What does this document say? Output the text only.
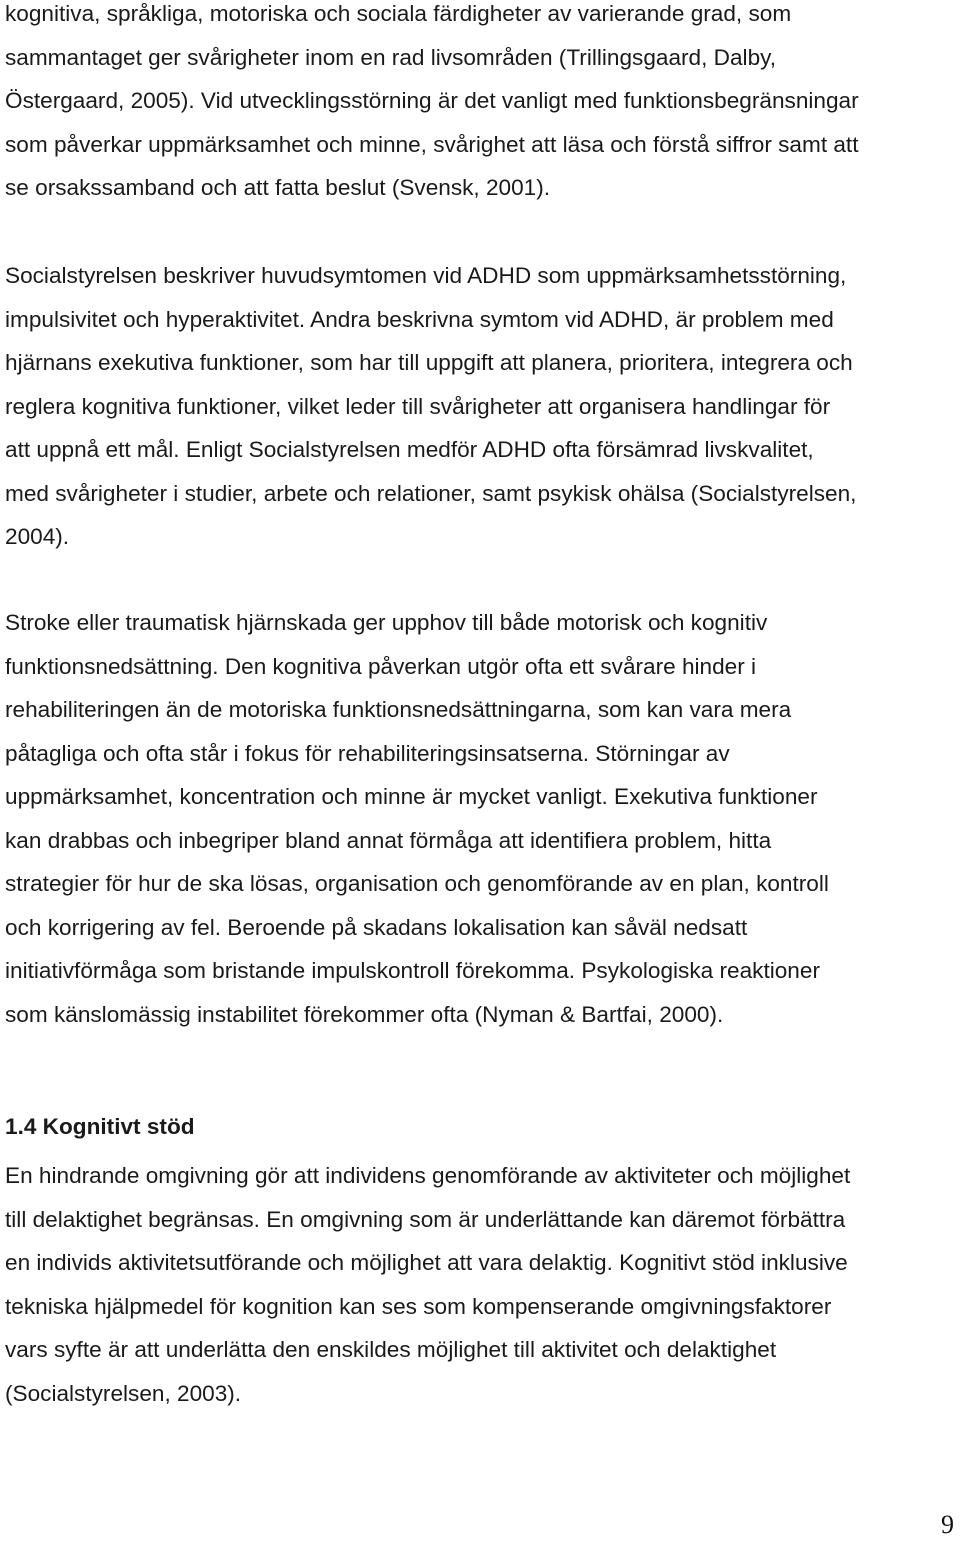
kognitiva, språkliga, motoriska och sociala färdigheter av varierande grad, som
sammantaget ger svårigheter inom en rad livsområden (Trillingsgaard, Dalby,
Östergaard, 2005). Vid utvecklingsstörning är det vanligt med funktionsbegränsningar
som påverkar uppmärksamhet och minne, svårighet att läsa och förstå siffror samt att
se orsakssamband och att fatta beslut (Svensk, 2001).
Socialstyrelsen beskriver huvudsymtomen vid ADHD som uppmärksamhetsstörning,
impulsivitet och hyperaktivitet. Andra beskrivna symtom vid ADHD, är problem med
hjärnans exekutiva funktioner, som har till uppgift att planera, prioritera, integrera och
reglera kognitiva funktioner, vilket leder till svårigheter att organisera handlingar för
att uppnå ett mål. Enligt Socialstyrelsen medför ADHD ofta försämrad livskvalitet,
med svårigheter i studier, arbete och relationer, samt psykisk ohälsa (Socialstyrelsen,
2004).
Stroke eller traumatisk hjärnskada ger upphov till både motorisk och kognitiv
funktionsnedsättning. Den kognitiva påverkan utgör ofta ett svårare hinder i
rehabiliteringen än de motoriska funktionsnedsättningarna, som kan vara mera
påtagliga och ofta står i fokus för rehabiliteringsinsatserna. Störningar av
uppmärksamhet, koncentration och minne är mycket vanligt. Exekutiva funktioner
kan drabbas och inbegriper bland annat förmåga att identifiera problem, hitta
strategier för hur de ska lösas, organisation och genomförande av en plan, kontroll
och korrigering av fel. Beroende på skadans lokalisation kan såväl nedsatt
initiativförmåga som bristande impulskontroll förekomma. Psykologiska reaktioner
som känslomässig instabilitet förekommer ofta (Nyman & Bartfai, 2000).
1.4 Kognitivt stöd
En hindrande omgivning gör att individens genomförande av aktiviteter och möjlighet
till delaktighet begränsas. En omgivning som är underlättande kan däremot förbättra
en individs aktivitetsutförande och möjlighet att vara delaktig. Kognitivt stöd inklusive
tekniska hjälpmedel för kognition kan ses som kompenserande omgivningsfaktorer
vars syfte är att underlätta den enskildes möjlighet till aktivitet och delaktighet
(Socialstyrelsen, 2003).
9
